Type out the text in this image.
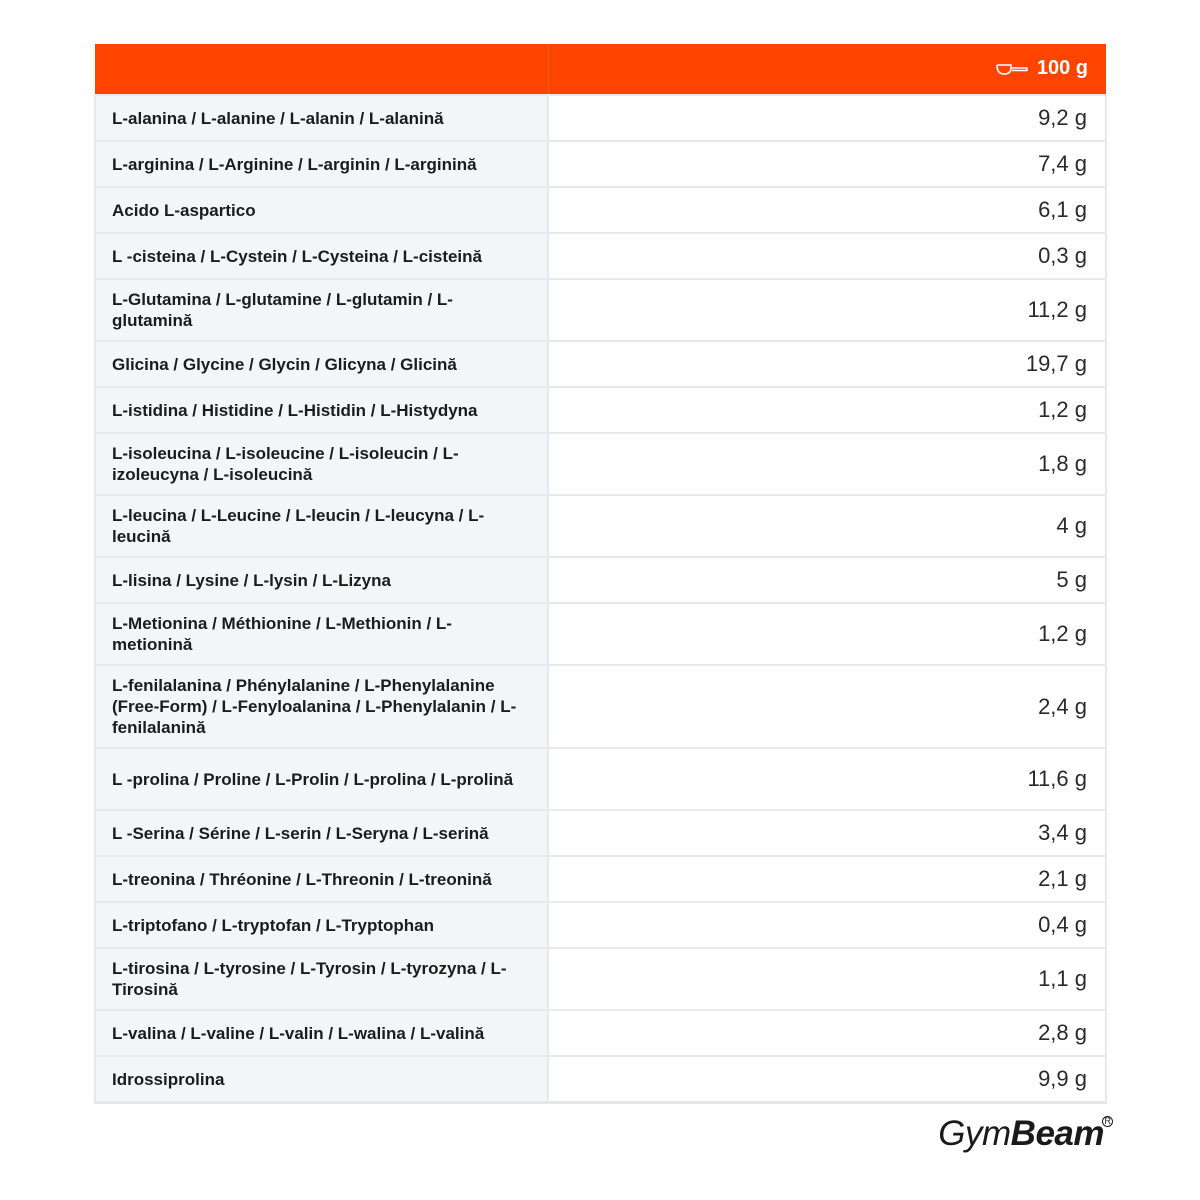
	100 g
L-alanina / L-alanine / L-alanin / L-alanină	9,2 g
L-arginina / L-Arginine / L-arginin / L-arginină	7,4 g
Acido L-aspartico	6,1 g
L -cisteina / L-Cystein / L-Cysteina / L-cisteină	0,3 g
L-Glutamina / L-glutamine / L-glutamin / L-glutamină	11,2 g
Glicina / Glycine / Glycin / Glicyna / Glicină	19,7 g
L-istidina / Histidine / L-Histidin / L-Histydyna	1,2 g
L-isoleucina / L-isoleucine / L-isoleucin / L-izoleucyna / L-isoleucină	1,8 g
L-leucina / L-Leucine / L-leucin / L-leucyna / L-leucină	4 g
L-lisina / Lysine / L-lysin / L-Lizyna	5 g
L-Metionina / Méthionine / L-Methionin / L-metionină	1,2 g
L-fenilalanina / Phénylalanine / L-Phenylalanine (Free-Form) / L-Fenyloalanina / L-Phenylalanin / L-fenilalanină	2,4 g
L -prolina / Proline / L-Prolin / L-prolina / L-prolină	11,6 g
L -Serina / Sérine / L-serin / L-Seryna / L-serină	3,4 g
L-treonina / Thréonine / L-Threonin / L-treonină	2,1 g
L-triptofano / L-tryptofan / L-Tryptophan	0,4 g
L-tirosina / L-tyrosine / L-Tyrosin / L-tyrozyna / L-Tirosină	1,1 g
L-valina / L-valine / L-valin / L-walina / L-valină	2,8 g
Idrossiprolina	9,9 g
GymBeam R
